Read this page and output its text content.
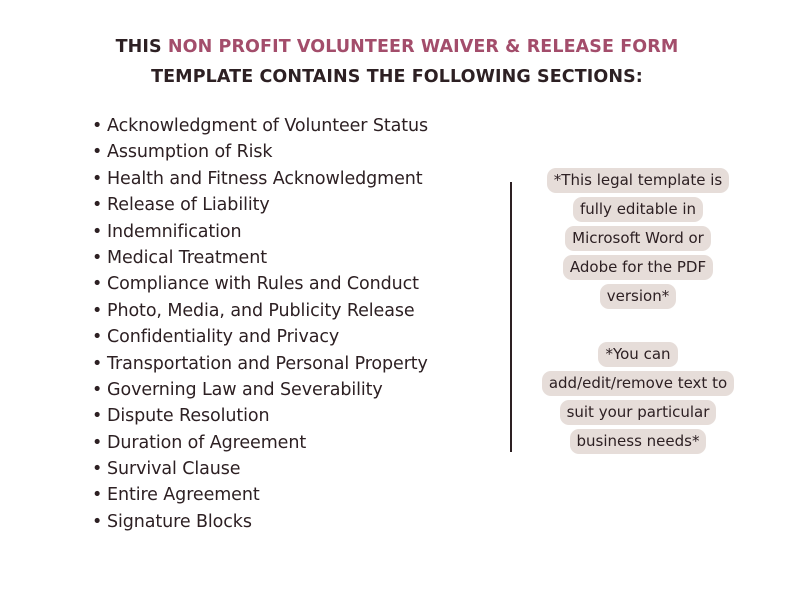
THIS NON PROFIT VOLUNTEER WAIVER & RELEASE FORM
TEMPLATE CONTAINS THE FOLLOWING SECTIONS:
• Acknowledgment of Volunteer Status
• Assumption of Risk
• Health and Fitness Acknowledgment
• Release of Liability
• Indemnification
• Medical Treatment
• Compliance with Rules and Conduct
• Photo, Media, and Publicity Release
• Confidentiality and Privacy
• Transportation and Personal Property
• Governing Law and Severability
• Dispute Resolution
• Duration of Agreement
• Survival Clause
• Entire Agreement
• Signature Blocks
*This legal template is
fully editable in
Microsoft Word or
Adobe for the PDF
version*
*You can
add/edit/remove text to
suit your particular
business needs*
